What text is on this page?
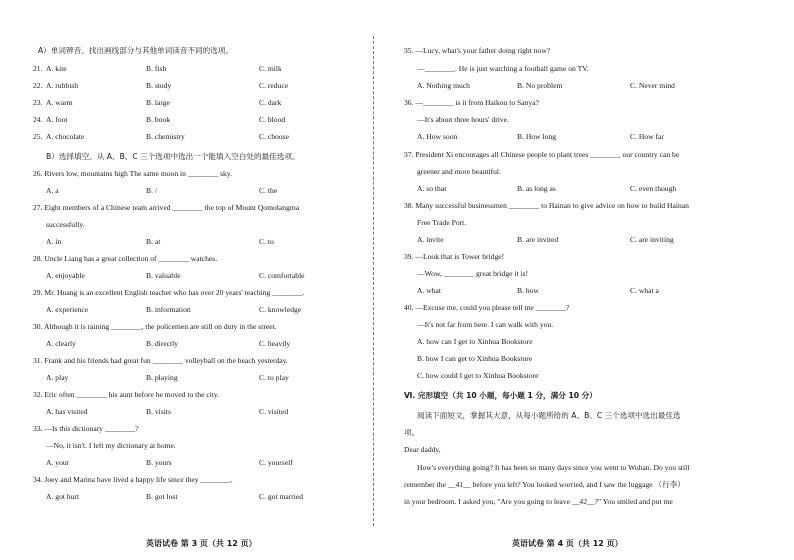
A）单词辨音。找出画线部分与其他单词读音不同的选项。
21. A. kite	B. fish	C. milk
22. A. rubbish	B. study	C. reduce
23. A. warm	B. large	C. dark
24. A. foot	B. book	C. blood
25. A. chocolate	B. chemistry	C. choose
B）选择填空。从 A、B、C 三个选项中选出一个能填入空白处的最佳选项。
26. Rivers low, mountains high The same moon in ________ sky.
A. a	B. /	C. the
27. Eight members of a Chinese team arrived ________ the top of Mount Qomolangma
successfully.
A. in	B. at	C. to
28. Uncle Liang has a great collection of ________ watches.
A. enjoyable	B. valuable	C. comfortable
29. Mr. Huang is an excellent English teacher who has over 20 years' teaching ________.
A. experience	B. information	C. knowledge
30. Although it is raining ________, the policemen are still on duty in the street.
A. clearly	B. directly	C. heavily
31. Frank and his friends had great fun ________ volleyball on the beach yesterday.
A. play	B. playing	C. to play
32. Eric often ________ his aunt before he moved to the city.
A. has visited	B. visits	C. visited
33. —Is this dictionary ________?
—No, it isn't. I left my dictionary at home.
A. your	B. yours	C. yourself
34. Joey and Marina have lived a happy life since they ________.
A. got hurt	B. got lost	C. got married
英语试卷 第 3 页（共 12 页）
35. —Lucy, what's your father doing right now?
—________. He is just watching a football game on TV.
A. Nothing much	B. No problem	C. Never mind
36. —________ is it from Haikou to Sanya?
—It's about three hours' drive.
A. How soon	B. How long	C. How far
37. President Xi encourages all Chinese people to plant trees ________ our country can be
greener and more beautiful.
A. so that	B. as long as	C. even though
38. Many successful businessmen ________ to Hainan to give advice on how to build Hainan
Free Trade Port.
A. invite	B. are invited	C. are inviting
39. —Look that is Tower bridge!
—Wow, ________ great bridge it is!
A. what	B. how	C. what a
40. —Excuse me, could you please tell me ________?
—It's not far from here. I can walk with you.
A. how can I get to Xinhua Bookstore
B. how I can get to Xinhua Bookstore
C. how could I get to Xinhua Bookstore
Ⅵ. 完形填空（共 10 小题，每小题 1 分，满分 10 分）
阅读下面短文，掌握其大意，从每小题所给的 A、B、C 三个选项中选出最佳选
项。
Dear daddy,
How's everything going? It has been so many days since you went to Wuhan. Do you still
remember the __41__ before you left? You looked worried, and I saw the luggage （行李）
in your bedroom. I asked you, "Are you going to leave __42__?" You smiled and put me
英语试卷 第 4 页（共 12 页）
